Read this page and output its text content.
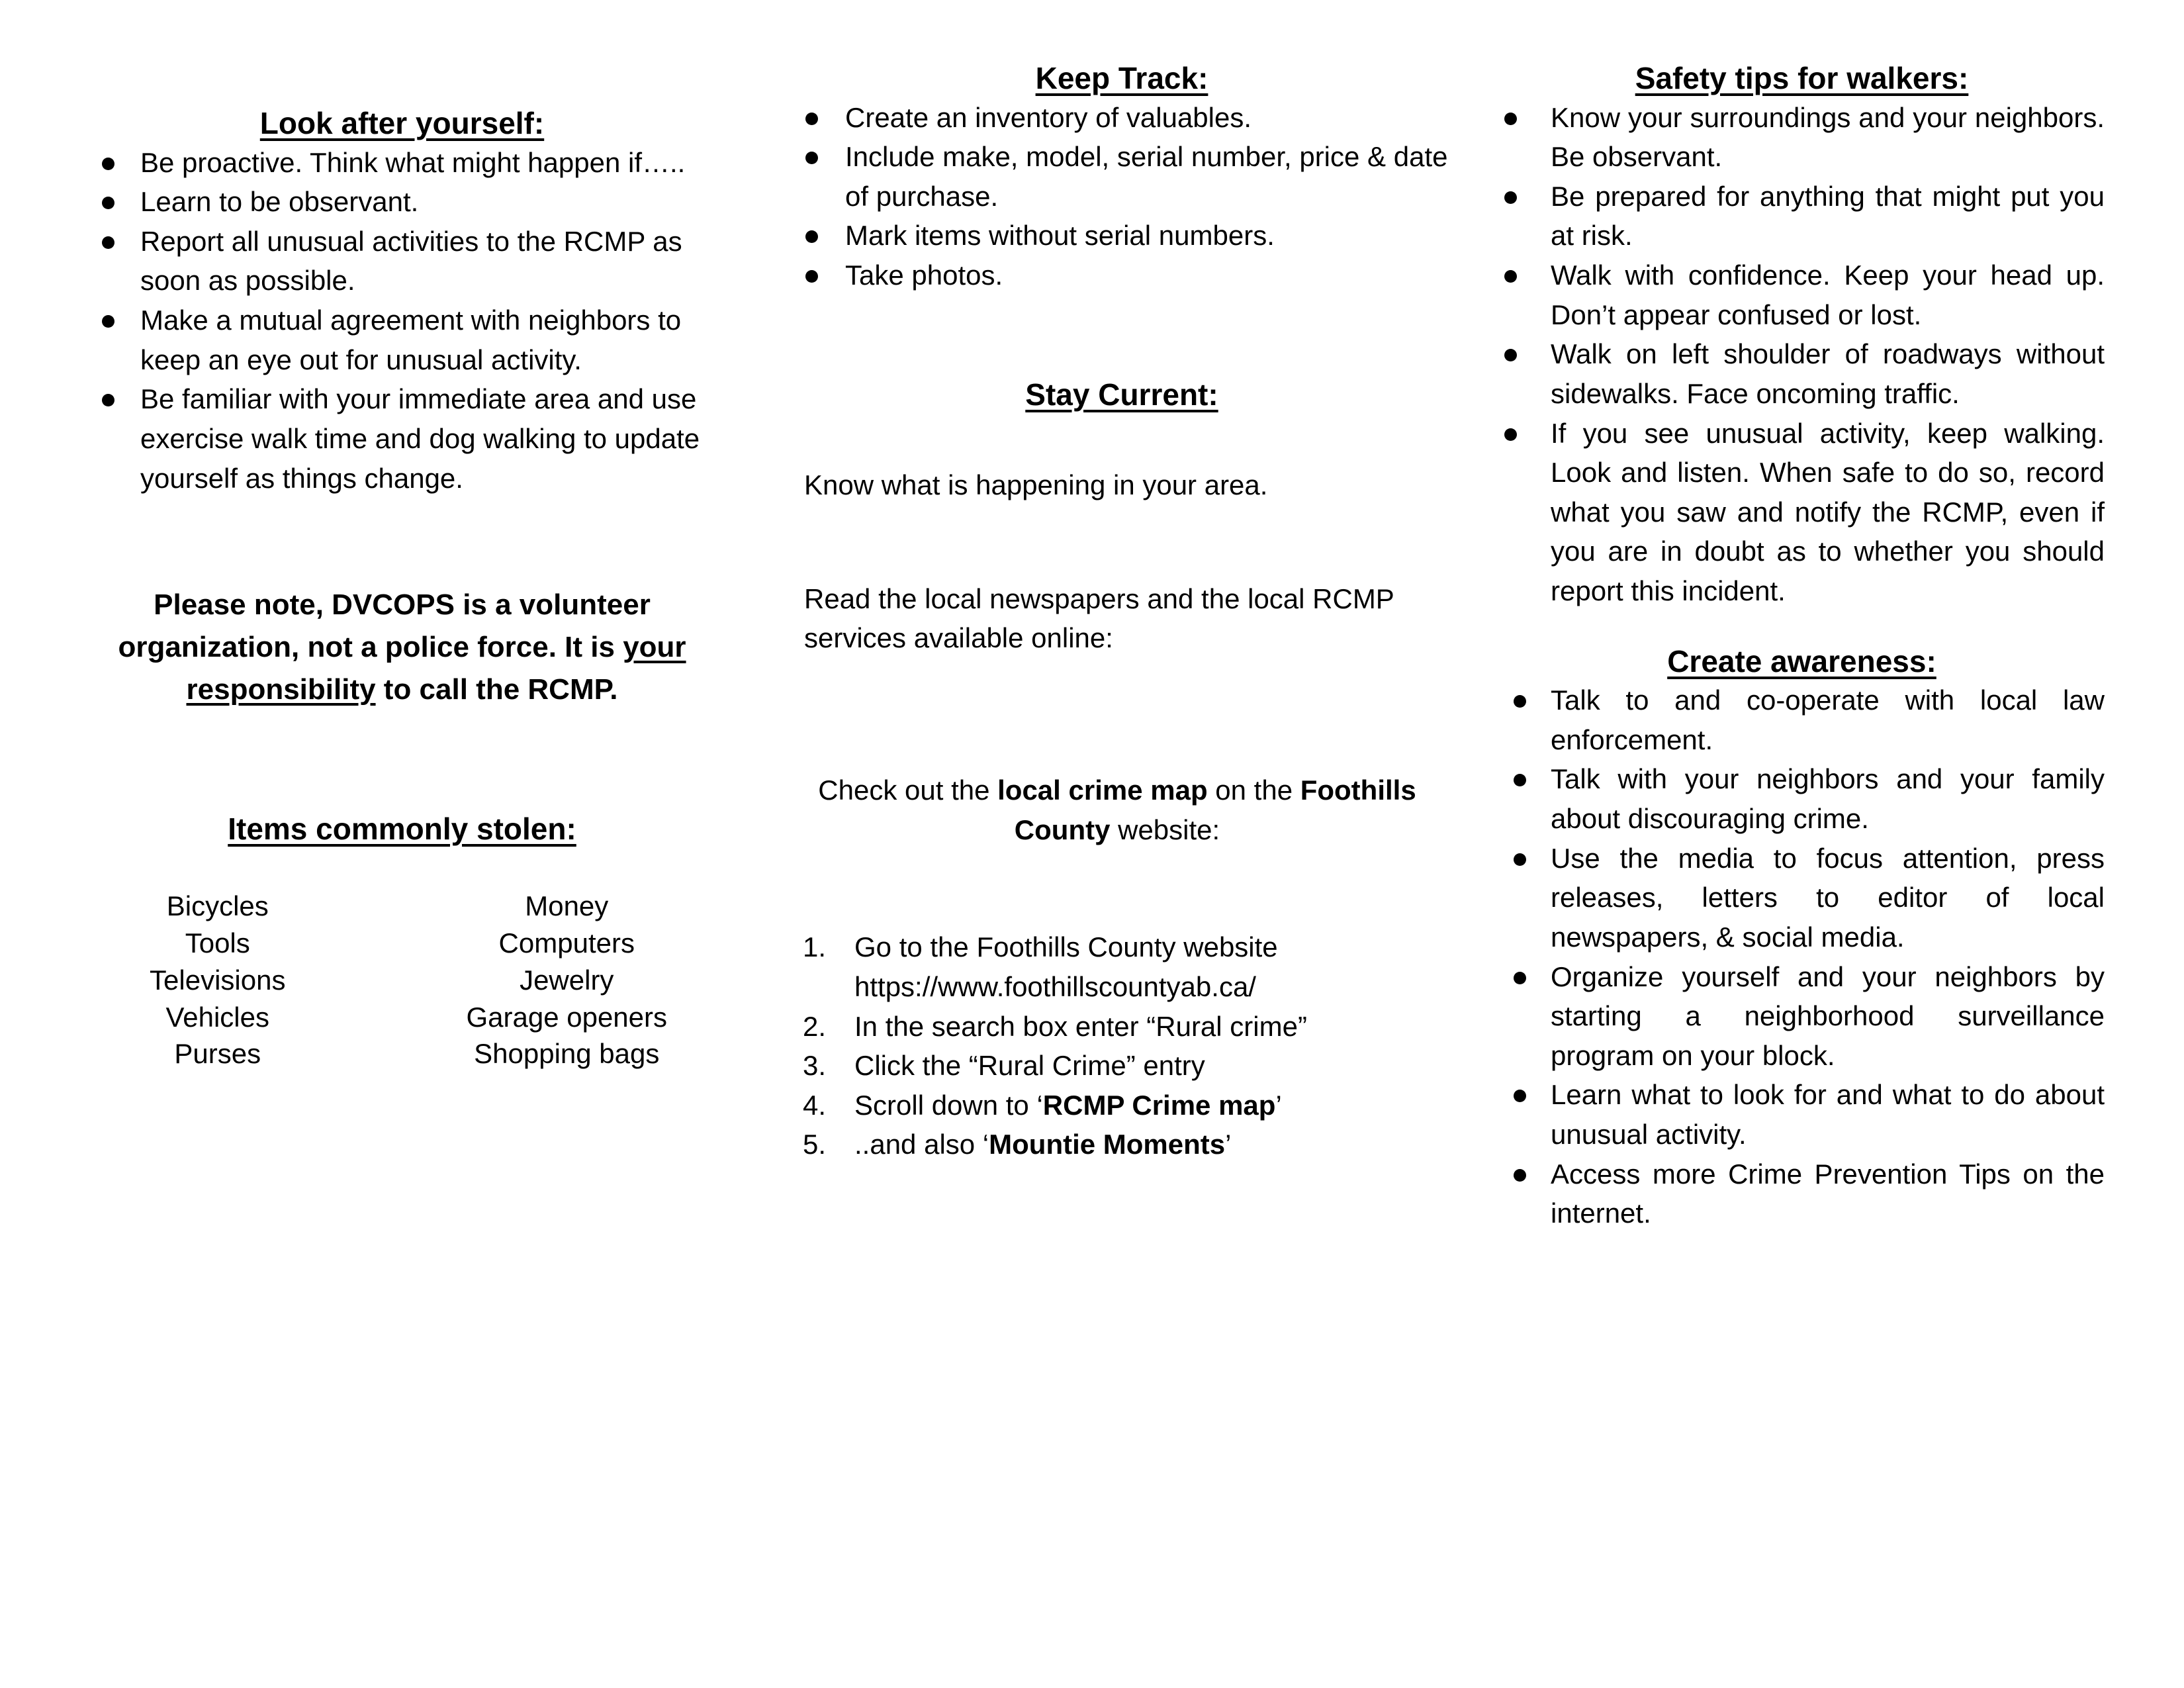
Look after yourself:
Be proactive. Think what might happen if…..
Learn to be observant.
Report all unusual activities to the RCMP as soon as possible.
Make a mutual agreement with neighbors to keep an eye out for unusual activity.
Be familiar with your immediate area and use exercise walk time and dog walking to update yourself as things change.

Please note, DVCOPS is a volunteer organization, not a police force. It is your responsibility to call the RCMP.

Items commonly stolen:
Bicycles	Money
Tools	Computers
Televisions	Jewelry
Vehicles	Garage openers
Purses	Shopping bags
Keep Track:
Create an inventory of valuables.
Include make, model, serial number, price & date of purchase.
Mark items without serial numbers.
Take photos.
Stay Current:

Know what is happening in your area.

Read the local newspapers and the local RCMP services available online:

Check out the local crime map on the Foothills County website:

1. Go to the Foothills County website
https://www.foothillscountyab.ca/
2. In the search box enter “Rural crime”
3. Click the “Rural Crime” entry
4. Scroll down to ‘RCMP Crime map’
5. ..and also ‘Mountie Moments’
Safety tips for walkers:
Know your surroundings and your neighbors. Be observant.
Be prepared for anything that might put you at risk.
Walk with confidence. Keep your head up. Don’t appear confused or lost.
Walk on left shoulder of roadways without sidewalks. Face oncoming traffic.
If you see unusual activity, keep walking. Look and listen. When safe to do so, record what you saw and notify the RCMP, even if you are in doubt as to whether you should report this incident.
Create awareness:
Talk to and co-operate with local law enforcement.
Talk with your neighbors and your family about discouraging crime.
Use the media to focus attention, press releases, letters to editor of local newspapers, & social media.
Organize yourself and your neighbors by starting a neighborhood surveillance program on your block.
Learn what to look for and what to do about unusual activity.
Access more Crime Prevention Tips on the internet.
